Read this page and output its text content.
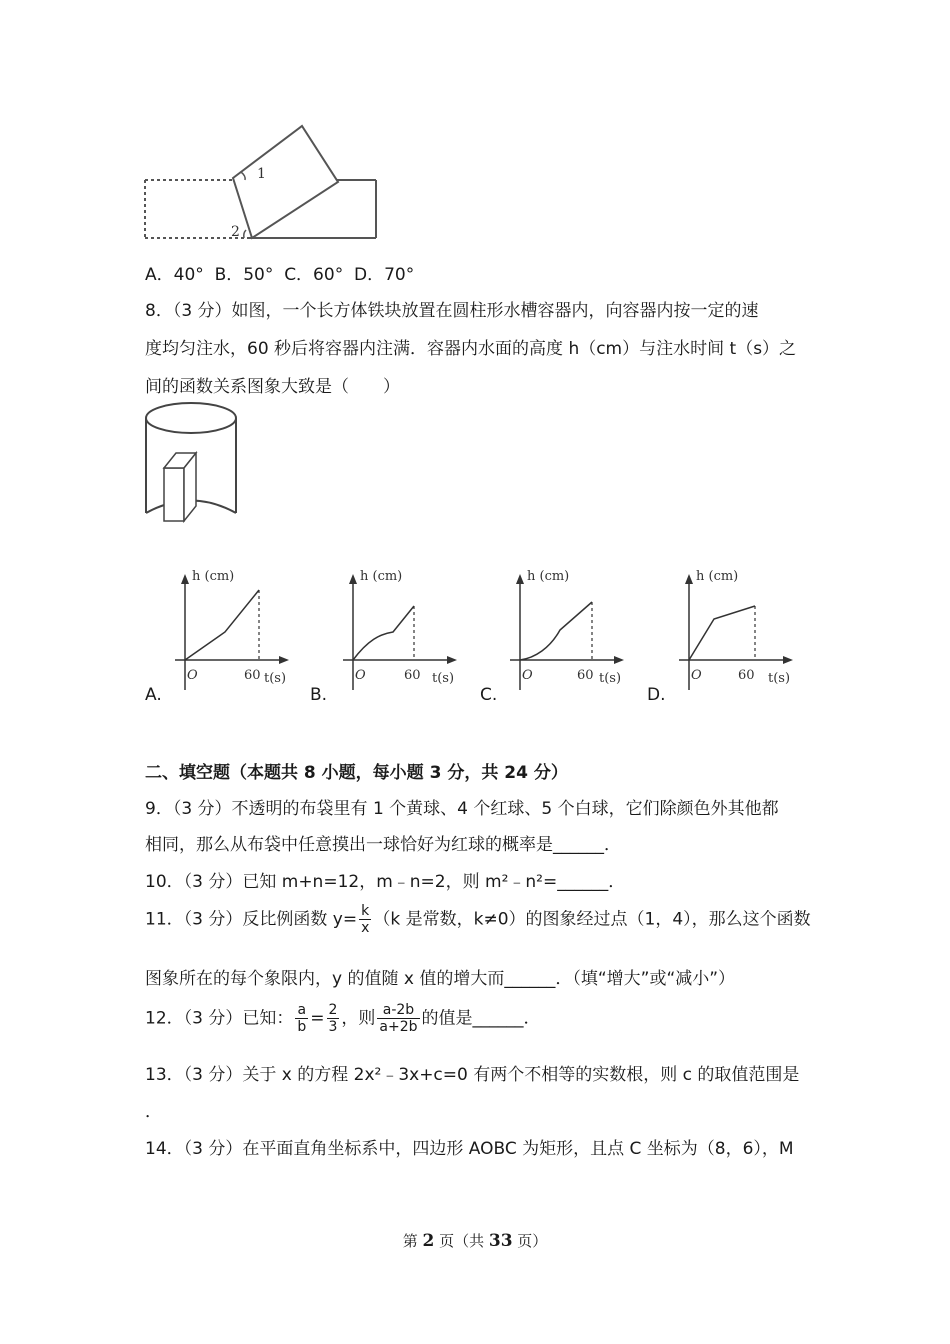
1
2
A．40° B．50° C．60° D．70°
8．（3 分）如图，一个长方体铁块放置在圆柱形水槽容器内，向容器内按一定的速
度均匀注水，60 秒后将容器内注满．容器内水面的高度 h（cm）与注水时间 t（s）之
间的函数关系图象大致是（　　）
A.	B.	C.	D.
h (cm)
O	60 t(s)
h (cm)
O	60 t(s)
h (cm)
O	60 t(s)
h (cm)
O	60 t(s)
二、填空题（本题共 8 小题，每小题 3 分，共 24 分）
9．（3 分）不透明的布袋里有 1 个黄球、4 个红球、5 个白球，它们除颜色外其他都
相同，那么从布袋中任意摸出一球恰好为红球的概率是______．
10．（3 分）已知 m+n=12，m﹣n=2，则 m²﹣n²=______．
11．（3 分）反比例函数 $y= \frac{k}{x} (k$ 是常数，k≠0）的图象经过点（1，4），那么这个函数
图象所在的每个象限内，y 的值随 x 值的增大而______．（填“增大”或“减小”）
12．（3 分）已知： $\frac{a}{b} = \frac{2}{3}$ ，则 $\frac{a-2b}{a+2b}$ 的值是______．
13．（3 分）关于 x 的方程 2x²﹣3x+c=0 有两个不相等的实数根，则 c 的取值范围是
．
14．（3 分）在平面直角坐标系中，四边形 AOBC 为矩形，且点 C 坐标为（8，6），M
第 2 页（共 33 页）
